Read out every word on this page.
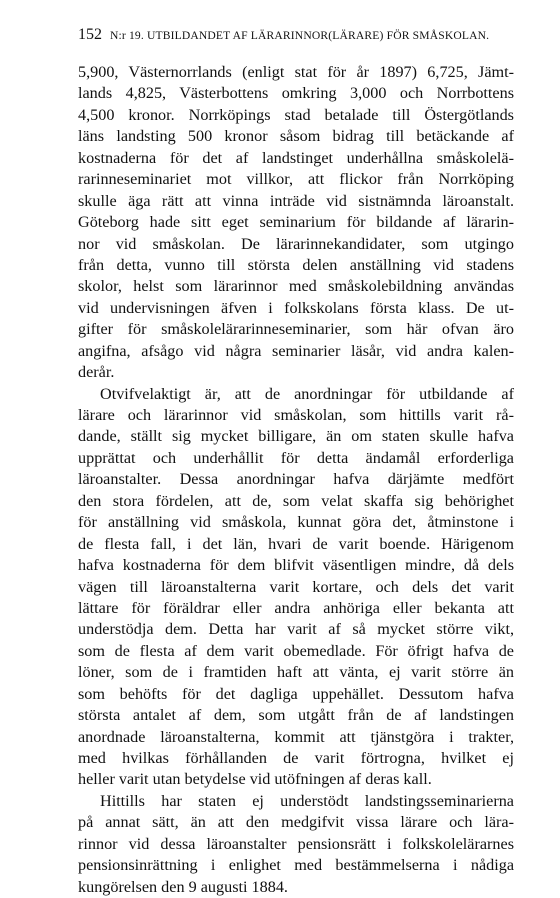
152 N:r 19. UTBILDANDET AF LÄRARINNOR(LÄRARE) FÖR SMÅSKOLAN.
5,900, Västernorrlands (enligt stat för år 1897) 6,725, Jämt-
lands 4,825, Västerbottens omkring 3,000 och Norrbottens
4,500 kronor. Norrköpings stad betalade till Östergötlands
läns landsting 500 kronor såsom bidrag till betäckande af
kostnaderna för det af landstinget underhållna småskolelä-
rarinneseminariet mot villkor, att flickor från Norrköping
skulle äga rätt att vinna inträde vid sistnämnda läroanstalt.
Göteborg hade sitt eget seminarium för bildande af lärarin-
nor vid småskolan. De lärarinnekandidater, som utgingo
från detta, vunno till största delen anställning vid stadens
skolor, helst som lärarinnor med småskolebildning användas
vid undervisningen äfven i folkskolans första klass. De ut-
gifter för småskolelärarinneseminarier, som här ofvan äro
angifna, afsågo vid några seminarier läsår, vid andra kalen-
derår.
Otvifvelaktigt är, att de anordningar för utbildande af
lärare och lärarinnor vid småskolan, som hittills varit rå-
dande, ställt sig mycket billigare, än om staten skulle hafva
upprättat och underhållit för detta ändamål erforderliga
läroanstalter. Dessa anordningar hafva därjämte medfört
den stora fördelen, att de, som velat skaffa sig behörighet
för anställning vid småskola, kunnat göra det, åtminstone i
de flesta fall, i det län, hvari de varit boende. Härigenom
hafva kostnaderna för dem blifvit väsentligen mindre, då dels
vägen till läroanstalterna varit kortare, och dels det varit
lättare för föräldrar eller andra anhöriga eller bekanta att
understödja dem. Detta har varit af så mycket större vikt,
som de flesta af dem varit obemedlade. För öfrigt hafva de
löner, som de i framtiden haft att vänta, ej varit större än
som behöfts för det dagliga uppehället. Dessutom hafva
största antalet af dem, som utgått från de af landstingen
anordnade läroanstalterna, kommit att tjänstgöra i trakter,
med hvilkas förhållanden de varit förtrogna, hvilket ej
heller varit utan betydelse vid utöfningen af deras kall.
Hittills har staten ej understödt landstingsseminarierna
på annat sätt, än att den medgifvit vissa lärare och lära-
rinnor vid dessa läroanstalter pensionsrätt i folkskolelärarnes
pensionsinrättning i enlighet med bestämmelserna i nådiga
kungörelsen den 9 augusti 1884.
